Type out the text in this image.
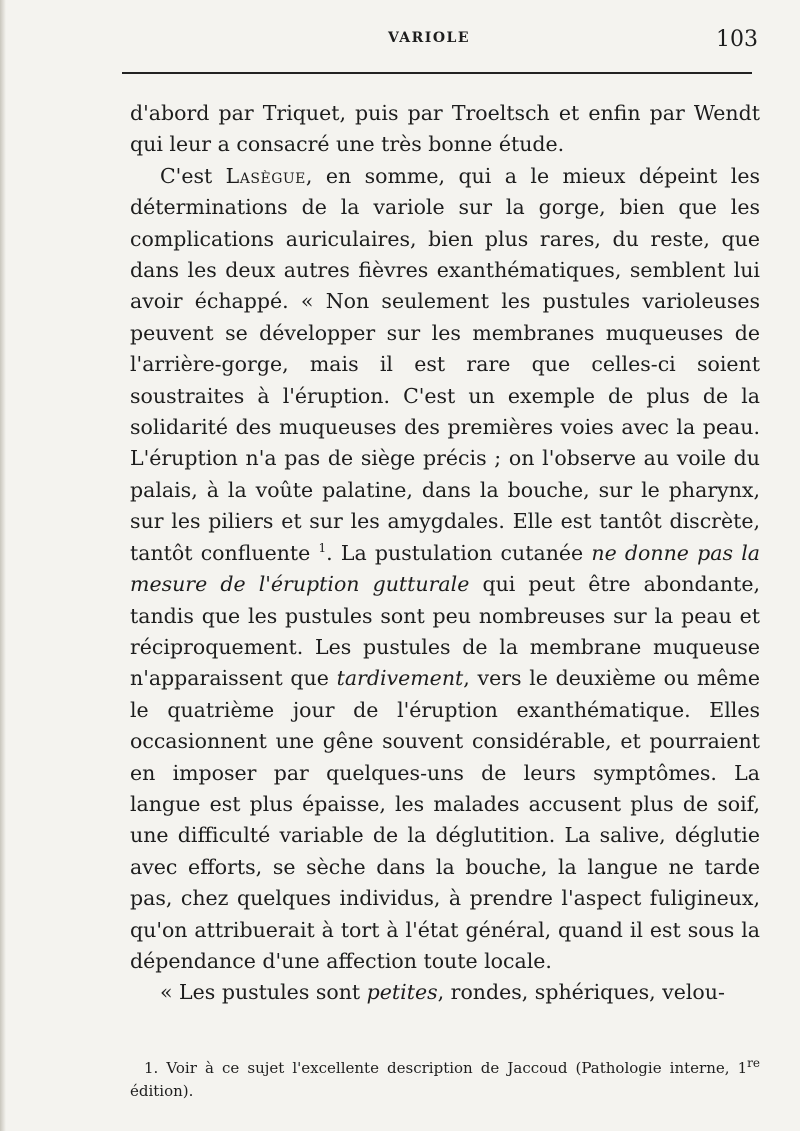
VARIOLE	103

d'abord par Triquet, puis par Troeltsch et enfin par Wendt qui leur a consacré une très bonne étude.

C'est Lasègue, en somme, qui a le mieux dépeint les déterminations de la variole sur la gorge, bien que les complications auriculaires, bien plus rares, du reste, que dans les deux autres fièvres exanthématiques, semblent lui avoir échappé. « Non seulement les pustules varioleuses peuvent se développer sur les membranes muqueuses de l'arrière-gorge, mais il est rare que celles-ci soient soustraites à l'éruption. C'est un exemple de plus de la solidarité des muqueuses des premières voies avec la peau. L'éruption n'a pas de siège précis ; on l'observe au voile du palais, à la voûte palatine, dans la bouche, sur le pharynx, sur les piliers et sur les amygdales. Elle est tantôt discrète, tantôt confluente $^1$. La pustulation cutanée ne donne pas la mesure de l'éruption gutturale qui peut être abondante, tandis que les pustules sont peu nombreuses sur la peau et réciproquement. Les pustules de la membrane muqueuse n'apparaissent que tardivement, vers le deuxième ou même le quatrième jour de l'éruption exanthématique. Elles occasionnent une gêne souvent considérable, et pourraient en imposer par quelques-uns de leurs symptômes. La langue est plus épaisse, les malades accusent plus de soif, une difficulté variable de la déglutition. La salive, déglutie avec efforts, se sèche dans la bouche, la langue ne tarde pas, chez quelques individus, à prendre l'aspect fuligineux, qu'on attribuerait à tort à l'état général, quand il est sous la dépendance d'une affection toute locale.

« Les pustules sont petites, rondes, sphériques, velou-

1. Voir à ce sujet l'excellente description de Jaccoud (Pathologie interne, 1re édition).
